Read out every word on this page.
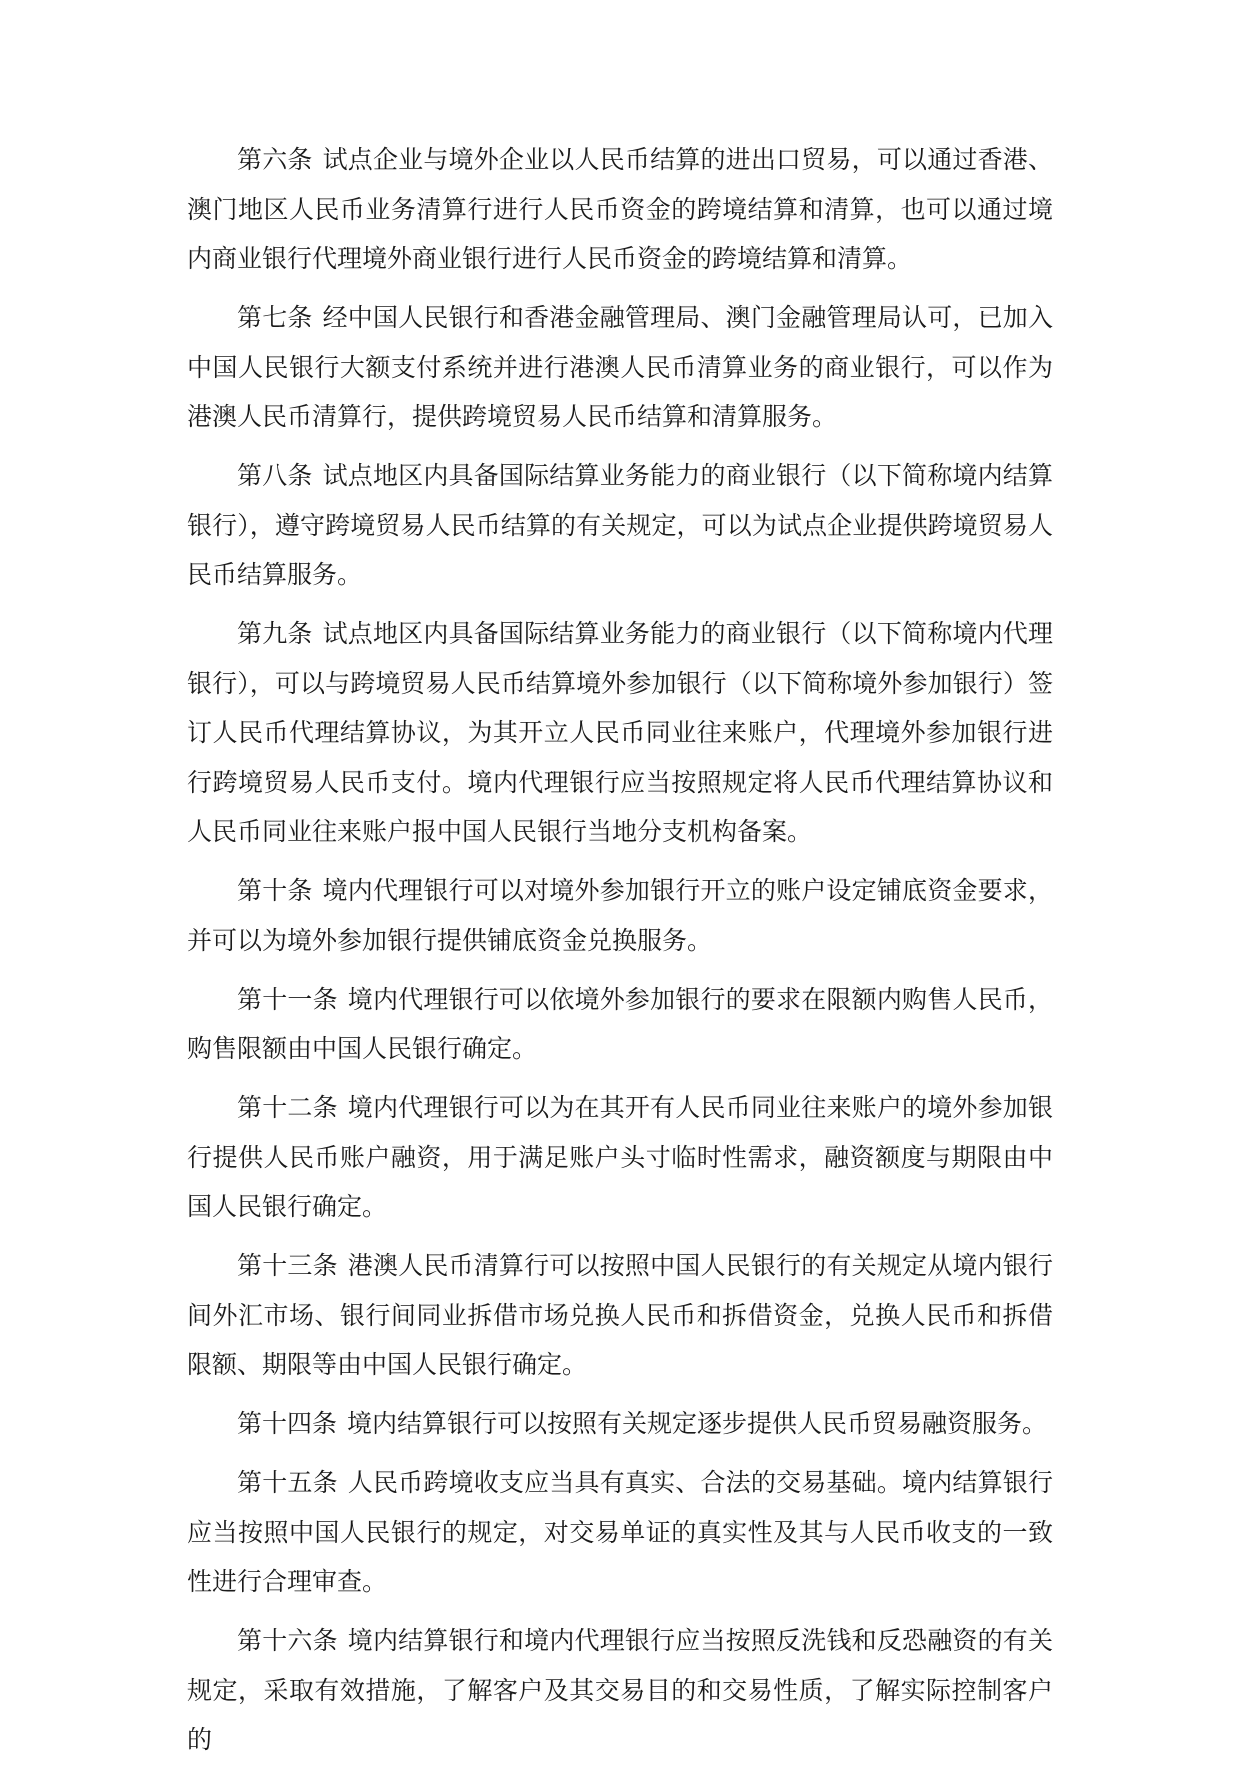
第六条 试点企业与境外企业以人民币结算的进出口贸易，可以通过香港、澳门地区人民币业务清算行进行人民币资金的跨境结算和清算，也可以通过境内商业银行代理境外商业银行进行人民币资金的跨境结算和清算。

第七条 经中国人民银行和香港金融管理局、澳门金融管理局认可，已加入中国人民银行大额支付系统并进行港澳人民币清算业务的商业银行，可以作为港澳人民币清算行，提供跨境贸易人民币结算和清算服务。

第八条 试点地区内具备国际结算业务能力的商业银行（以下简称境内结算银行），遵守跨境贸易人民币结算的有关规定，可以为试点企业提供跨境贸易人民币结算服务。

第九条 试点地区内具备国际结算业务能力的商业银行（以下简称境内代理银行），可以与跨境贸易人民币结算境外参加银行（以下简称境外参加银行）签订人民币代理结算协议，为其开立人民币同业往来账户，代理境外参加银行进行跨境贸易人民币支付。境内代理银行应当按照规定将人民币代理结算协议和人民币同业往来账户报中国人民银行当地分支机构备案。

第十条 境内代理银行可以对境外参加银行开立的账户设定铺底资金要求，并可以为境外参加银行提供铺底资金兑换服务。

第十一条 境内代理银行可以依境外参加银行的要求在限额内购售人民币，购售限额由中国人民银行确定。

第十二条 境内代理银行可以为在其开有人民币同业往来账户的境外参加银行提供人民币账户融资，用于满足账户头寸临时性需求，融资额度与期限由中国人民银行确定。

第十三条 港澳人民币清算行可以按照中国人民银行的有关规定从境内银行间外汇市场、银行间同业拆借市场兑换人民币和拆借资金，兑换人民币和拆借限额、期限等由中国人民银行确定。

第十四条 境内结算银行可以按照有关规定逐步提供人民币贸易融资服务。

第十五条 人民币跨境收支应当具有真实、合法的交易基础。境内结算银行应当按照中国人民银行的规定，对交易单证的真实性及其与人民币收支的一致性进行合理审查。

第十六条 境内结算银行和境内代理银行应当按照反洗钱和反恐融资的有关规定，采取有效措施，了解客户及其交易目的和交易性质，了解实际控制客户的
